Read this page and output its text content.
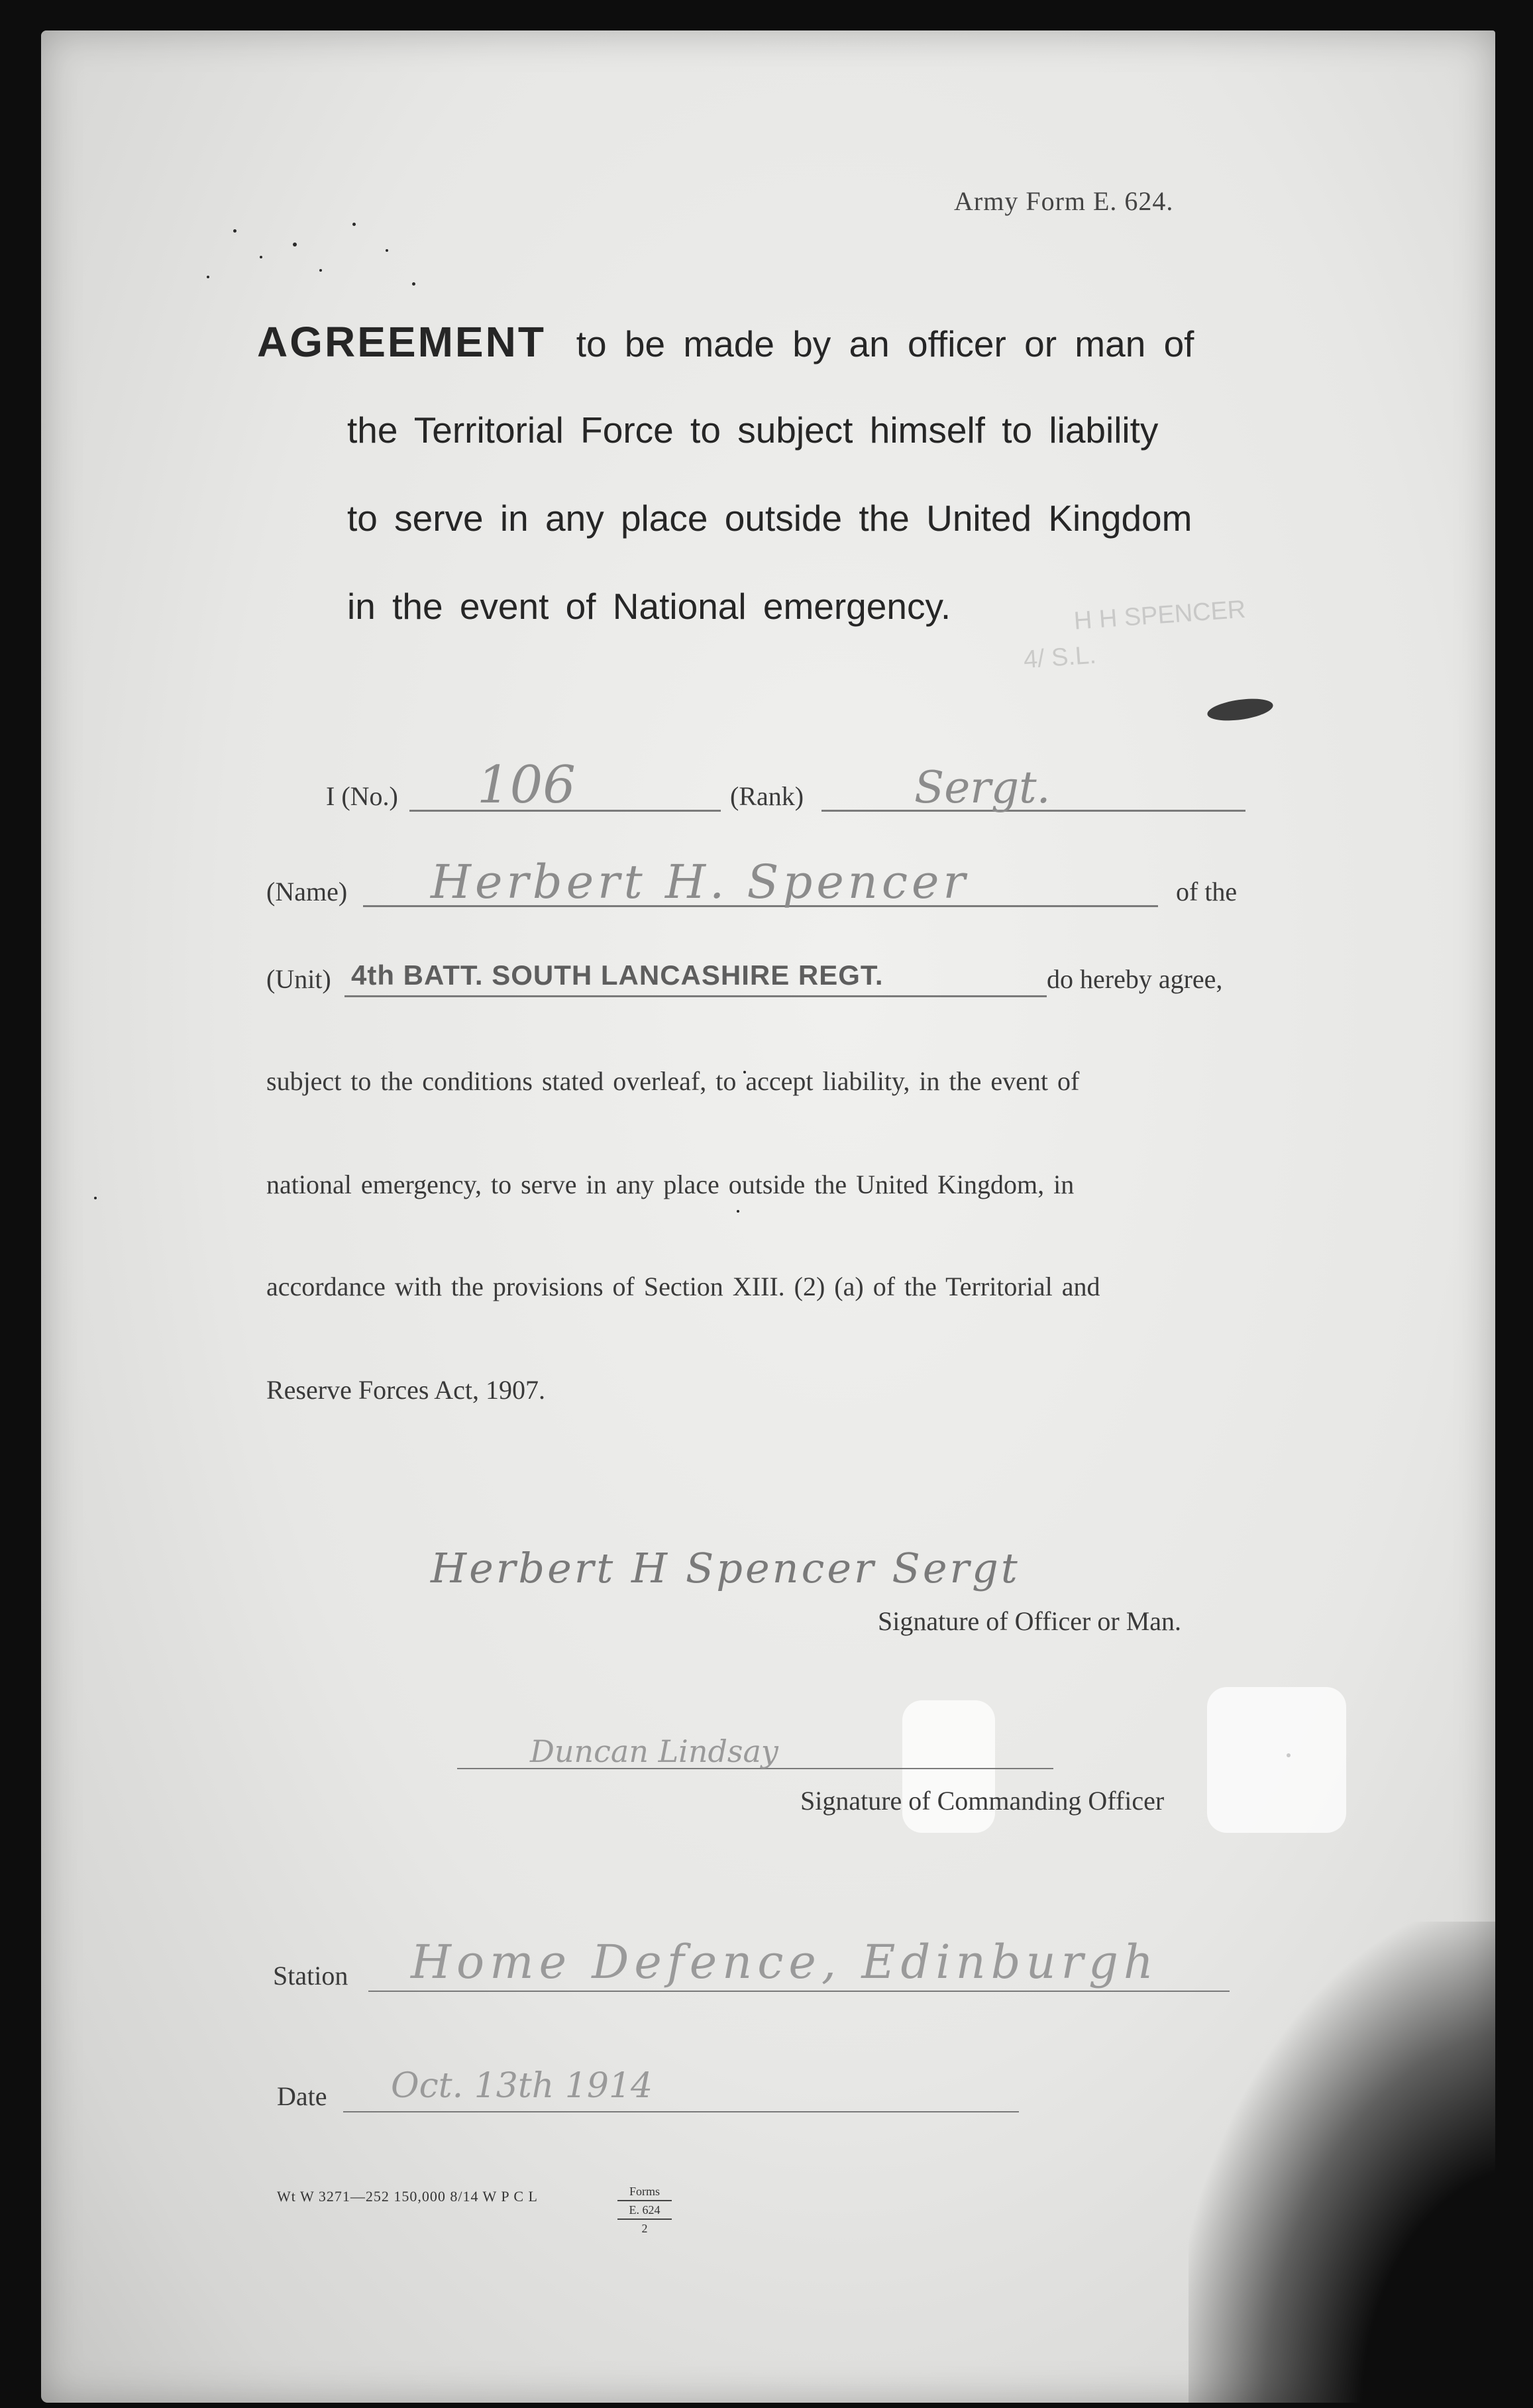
Army Form E. 624.
AGREEMENT to be made by an officer or man of
the Territorial Force to subject himself to liability
to serve in any place outside the United Kingdom
in the event of National emergency.	H H SPENCER
4/ S.L.
I (No.) 106	(Rank)	Sergt.
(Name) Herbert H. Spencer	of the
(Unit) 4th BATT. SOUTH LANCASHIRE REGT.	do hereby agree,
subject to the conditions stated overleaf, to accept liability, in the event of
national emergency, to serve in any place outside the United Kingdom, in
accordance with the provisions of Section XIII. (2) (a) of the Territorial and
Reserve Forces Act, 1907.
Herbert H Spencer Sergt
Signature of Officer or Man.
Duncan Lindsay
Signature of Commanding Officer
Station Home Defence, Edinburgh
Date Oct. 13th 1914
Wt W 3271—252 150,000 8/14 W P C L	Forms
E. 624
2
